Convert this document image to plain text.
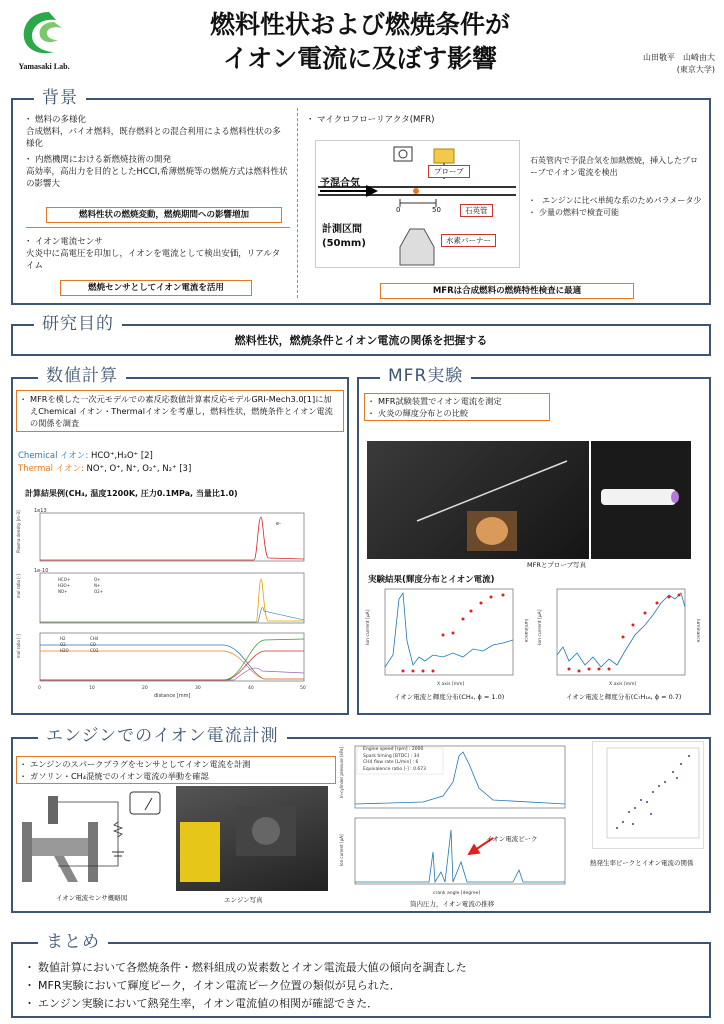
Yamasaki Lab.
燃料性状および燃焼条件が
イオン電流に及ぼす影響	山田敬平　山崎由大
(東京大学)
背景
・ 燃料の多様化
合成燃料，バイオ燃料，既存燃料との混合利用による燃料性状の多様化
・ 内燃機関における新燃焼技術の開発
高効率，高出力を目的としたHCCI,希薄燃焼等の燃焼方式は燃料性状の影響大
燃料性状の燃焼変動，燃焼期間への影響増加
・ イオン電流センサ
火炎中に高電圧を印加し，イオンを電流として検出安価，リアルタイム
燃焼センサとしてイオン電流を活用
・ マイクロフローリアクタ(MFR)
予混合気
プローブ
0	50	石英管
計測区間
(50mm)	水素バーナー
石英管内で予混合気を加熱燃焼，挿入したプローブでイオン電流を検出
・ エンジンに比べ単純な系のためパラメータ少
・ 少量の燃料で検査可能
MFRは合成燃料の燃焼特性検査に最適
研究目的
燃料性状，燃焼条件とイオン電流の関係を把握する
数値計算
・ MFRを模した一次元モデルでの素反応数値計算素反応モデルGRI-Mech3.0[1]に加えChemical イオン・Thermalイオンを考慮し，燃料性状，燃焼条件とイオン電流の関係を調査
Chemical イオン: HCO⁺,H₃O⁺ [2]
Thermal イオン: NO⁺, O⁺, N⁺, O₂⁺, N₂⁺ [3]
計算結果例(CH₄, 温度1200K, 圧力0.1MPa, 当量比1.0)
1e13
Plasma density [m-3]	e-
1e-10
mol ratio [-]	HCO+
H3O+
NO+
O+
N+
O2+
mol ratio [-]	H2
O2
H2O
CH4
CO
CO2
0	10	20	30	40	50
distance [mm]
MFR実験
・ MFR試験装置でイオン電流を測定
・ 火炎の輝度分布との比較
MFRとプローブ写真
実験結果(輝度分布とイオン電流)
Ion current [μA]	luminance
X axis [mm]
イオン電流と輝度分布(CH₄, ϕ = 1.0)
Ion current [μA]	luminance
X axis [mm]
イオン電流と輝度分布(C₇H₁₆, ϕ = 0.7)
エンジンでのイオン電流計測
・ エンジンのスパークプラグをセンサとしてイオン電流を計測
・ ガソリン・CH₄混焼でのイオン電流の挙動を確認
イオン電流センサ概略図	エンジン写真
In-cylinder pressure [kPa]
Ion current [μA]
crank angle [degree]
Engine speed [rpm] : 2000
Spark timing [BTDC] : 34
CH4 flow rate [L/min] : 6
Equivalence ratio [-] : 0.673
イオン電流ピーク
筒内圧力，イオン電流の推移
熱発生率ピークとイオン電流の関係
まとめ
・ 数値計算において各燃焼条件・燃料組成の炭素数とイオン電流最大値の傾向を調査した
・ MFR実験において輝度ピーク，イオン電流ピーク位置の類似が見られた．
・ エンジン実験において熱発生率，イオン電流値の相関が確認できた．
